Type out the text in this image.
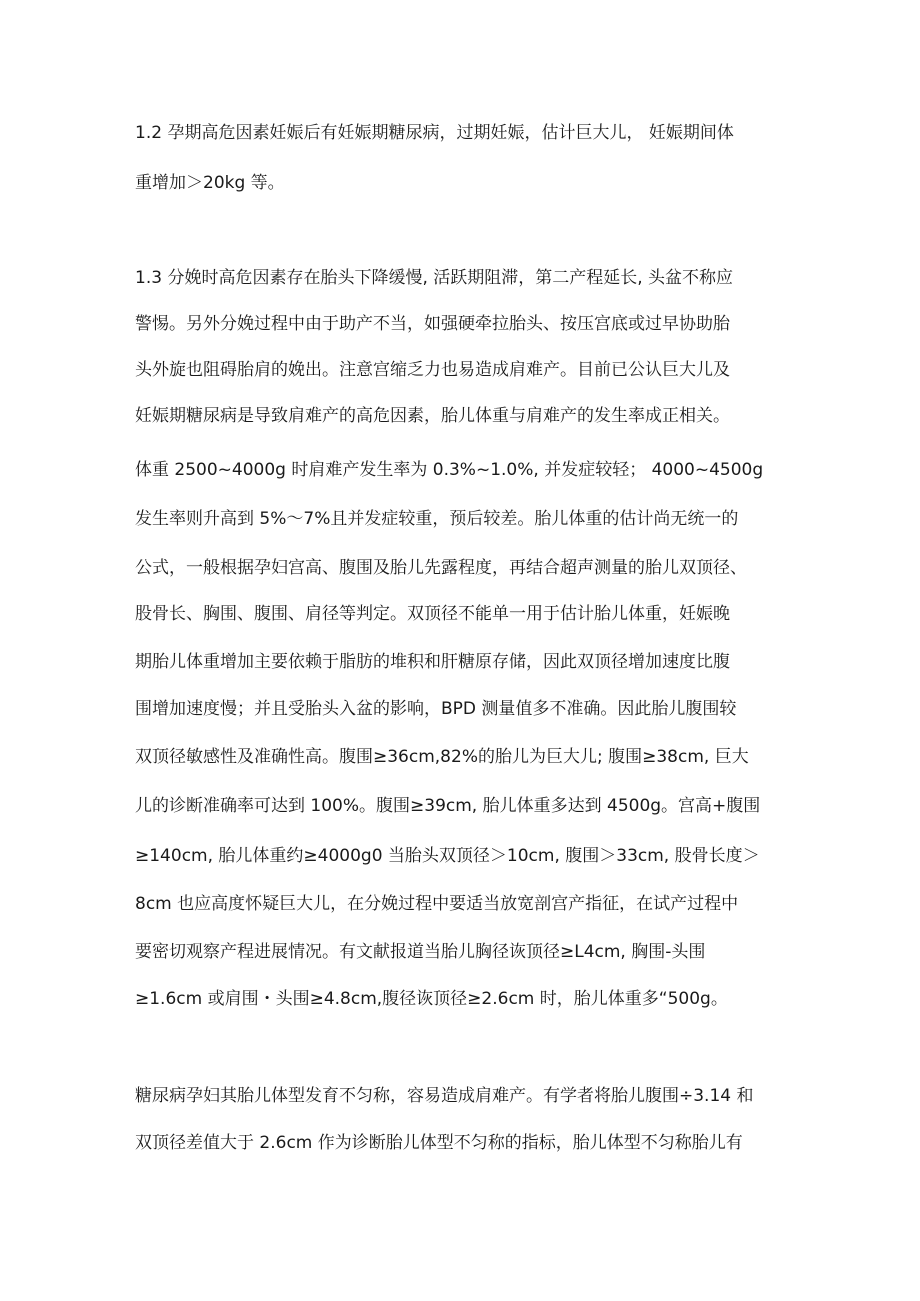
1.2 孕期高危因素妊娠后有妊娠期糖尿病，过期妊娠，估计巨大儿， 妊娠期间体

重增加＞20kg 等。

1.3 分娩时高危因素存在胎头下降缓慢, 活跃期阻滞，第二产程延长, 头盆不称应

警惕。另外分娩过程中由于助产不当，如强硬牵拉胎头、按压宫底或过早协助胎

头外旋也阻碍胎肩的娩出。注意宫缩乏力也易造成肩难产。目前已公认巨大儿及

妊娠期糖尿病是导致肩难产的高危因素，胎儿体重与肩难产的发生率成正相关。

体重 2500~4000g 时肩难产发生率为 0.3%~1.0%, 并发症较轻； 4000~4500g

发生率则升高到 5%～7%且并发症较重，预后较差。胎儿体重的估计尚无统一的

公式，一般根据孕妇宫高、腹围及胎儿先露程度，再结合超声测量的胎儿双顶径、

股骨长、胸围、腹围、肩径等判定。双顶径不能单一用于估计胎儿体重，妊娠晚

期胎儿体重增加主要依赖于脂肪的堆积和肝糖原存储，因此双顶径增加速度比腹

围增加速度慢；并且受胎头入盆的影响，BPD 测量值多不准确。因此胎儿腹围较

双顶径敏感性及准确性高。腹围≥36cm,82%的胎儿为巨大儿; 腹围≥38cm, 巨大

儿的诊断准确率可达到 100%。腹围≥39cm, 胎儿体重多达到 4500g。宫高+腹围

≥140cm, 胎儿体重约≥4000g0 当胎头双顶径＞10cm, 腹围＞33cm, 股骨长度＞

8cm 也应高度怀疑巨大儿，在分娩过程中要适当放宽剖宫产指征，在试产过程中

要密切观察产程进展情况。有文献报道当胎儿胸径诙顶径≥L4cm, 胸围-头围

≥1.6cm 或肩围・头围≥4.8cm,腹径诙顶径≥2.6cm 时，胎儿体重多“500g。

糖尿病孕妇其胎儿体型发育不匀称，容易造成肩难产。有学者将胎儿腹围÷3.14 和

双顶径差值大于 2.6cm 作为诊断胎儿体型不匀称的指标，胎儿体型不匀称胎儿有
